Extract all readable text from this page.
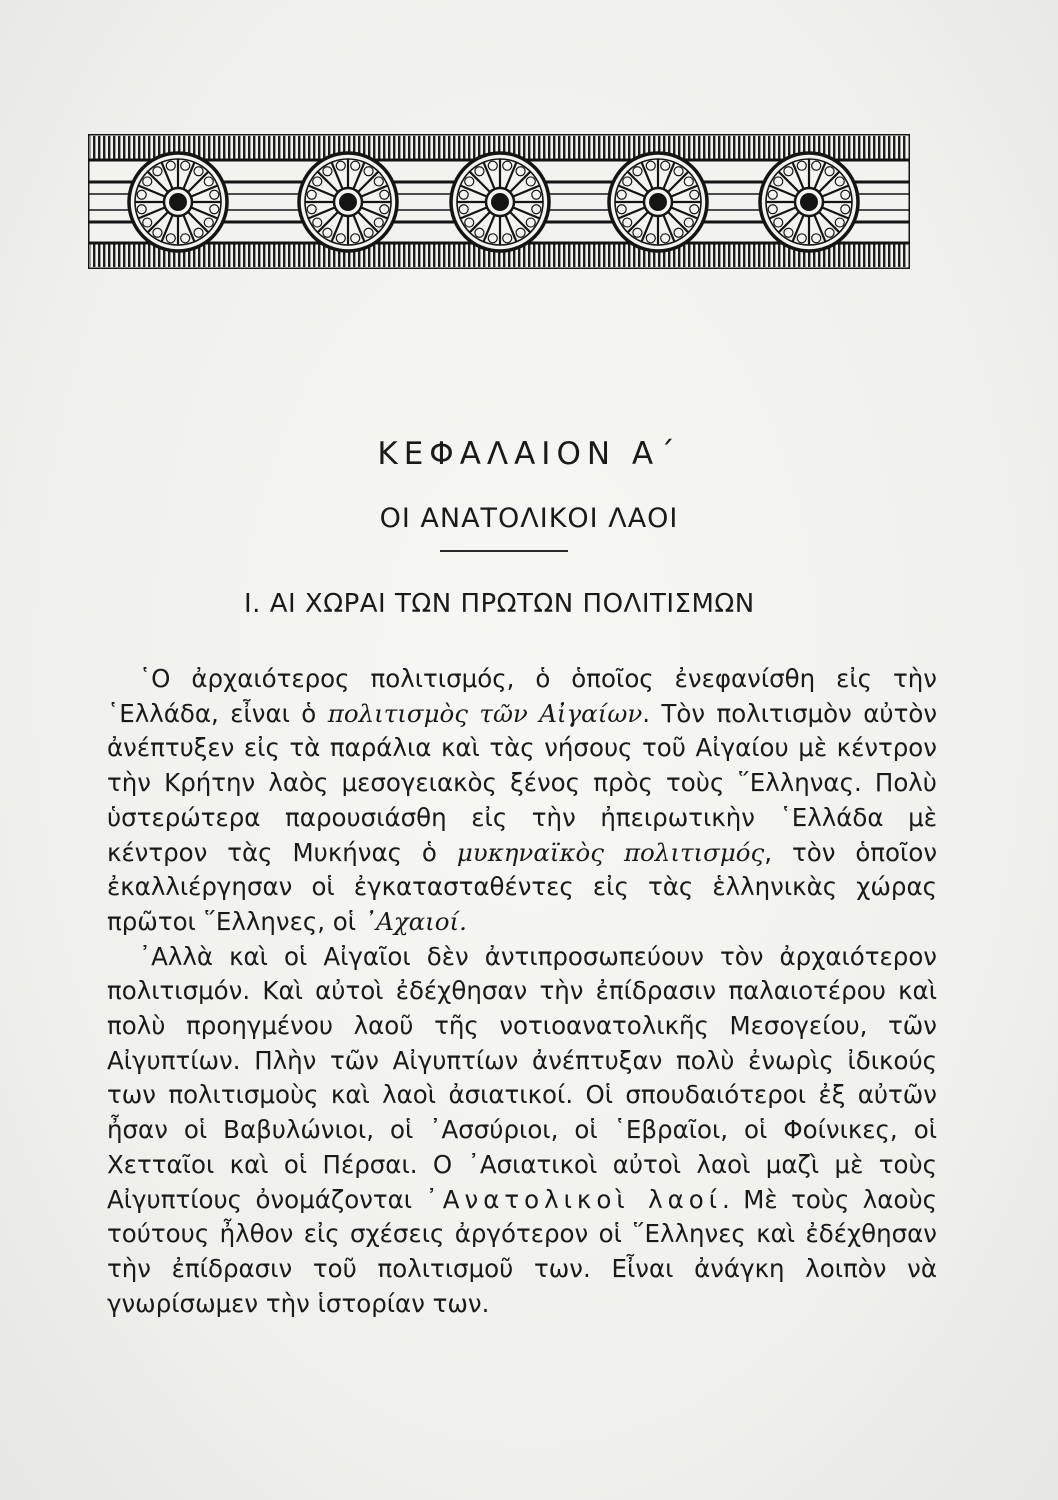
ΚΕΦΑΛΑΙΟΝ Α΄
ΟΙ ΑΝΑΤΟΛΙΚΟΙ ΛΑΟΙ
Ι. ΑΙ ΧΩΡΑΙ ΤΩΝ ΠΡΩΤΩΝ ΠΟΛΙΤΙΣΜΩΝ

῾Ο ἀρχαιότερος πολιτισμός, ὁ ὁποῖος ἐνεφανίσθη εἰς τὴν ῾Ελλάδα, εἶναι ὁ πολιτισμὸς τῶν Αἰγαίων. Τὸν πολιτισμὸν αὐτὸν ἀνέπτυξεν εἰς τὰ παράλια καὶ τὰς νήσους τοῦ Αἰγαίου μὲ κέντρον τὴν Κρήτην λαὸς μεσογειακὸς ξένος πρὸς τοὺς ῞Ελληνας. Πολὺ ὑστερώτερα παρουσιάσθη εἰς τὴν ἠπειρωτικὴν ῾Ελλάδα μὲ κέντρον τὰς Μυκήνας ὁ μυκηναϊκὸς πολιτισμός, τὸν ὁποῖον ἐκαλλιέργησαν οἱ ἐγκατασταθέντες εἰς τὰς ἑλληνικὰς χώρας πρῶτοι ῞Ελληνες, οἱ ᾿Αχαιοί.

᾿Αλλὰ καὶ οἱ Αἰγαῖοι δὲν ἀντιπροσωπεύουν τὸν ἀρχαιότερον πολιτισμόν. Καὶ αὐτοὶ ἐδέχθησαν τὴν ἐπίδρασιν παλαιοτέρου καὶ πολὺ προηγμένου λαοῦ τῆς νοτιοανατολικῆς Μεσογείου, τῶν Αἰγυπτίων. Πλὴν τῶν Αἰγυπτίων ἀνέπτυξαν πολὺ ἐνωρὶς ἰδικούς των πολιτισμοὺς καὶ λαοὶ ἀσιατικοί. Οἱ σπουδαιότεροι ἐξ αὐτῶν ἦσαν οἱ Βαβυλώνιοι, οἱ ᾿Ασσύριοι, οἱ ῾Εβραῖοι, οἱ Φοίνικες, οἱ Χετταῖοι καὶ οἱ Πέρσαι. Ο ᾿Ασιατικοὶ αὐτοὶ λαοὶ μαζὶ μὲ τοὺς Αἰγυπτίους ὀνομάζονται ᾿Ανατολικοὶ λαοί. Μὲ τοὺς λαοὺς τούτους ἦλθον εἰς σχέσεις ἀργότερον οἱ ῞Ελληνες καὶ ἐδέχθησαν τὴν ἐπίδρασιν τοῦ πολιτισμοῦ των. Εἶναι ἀνάγκη λοιπὸν νὰ γνωρίσωμεν τὴν ἱστορίαν των.
